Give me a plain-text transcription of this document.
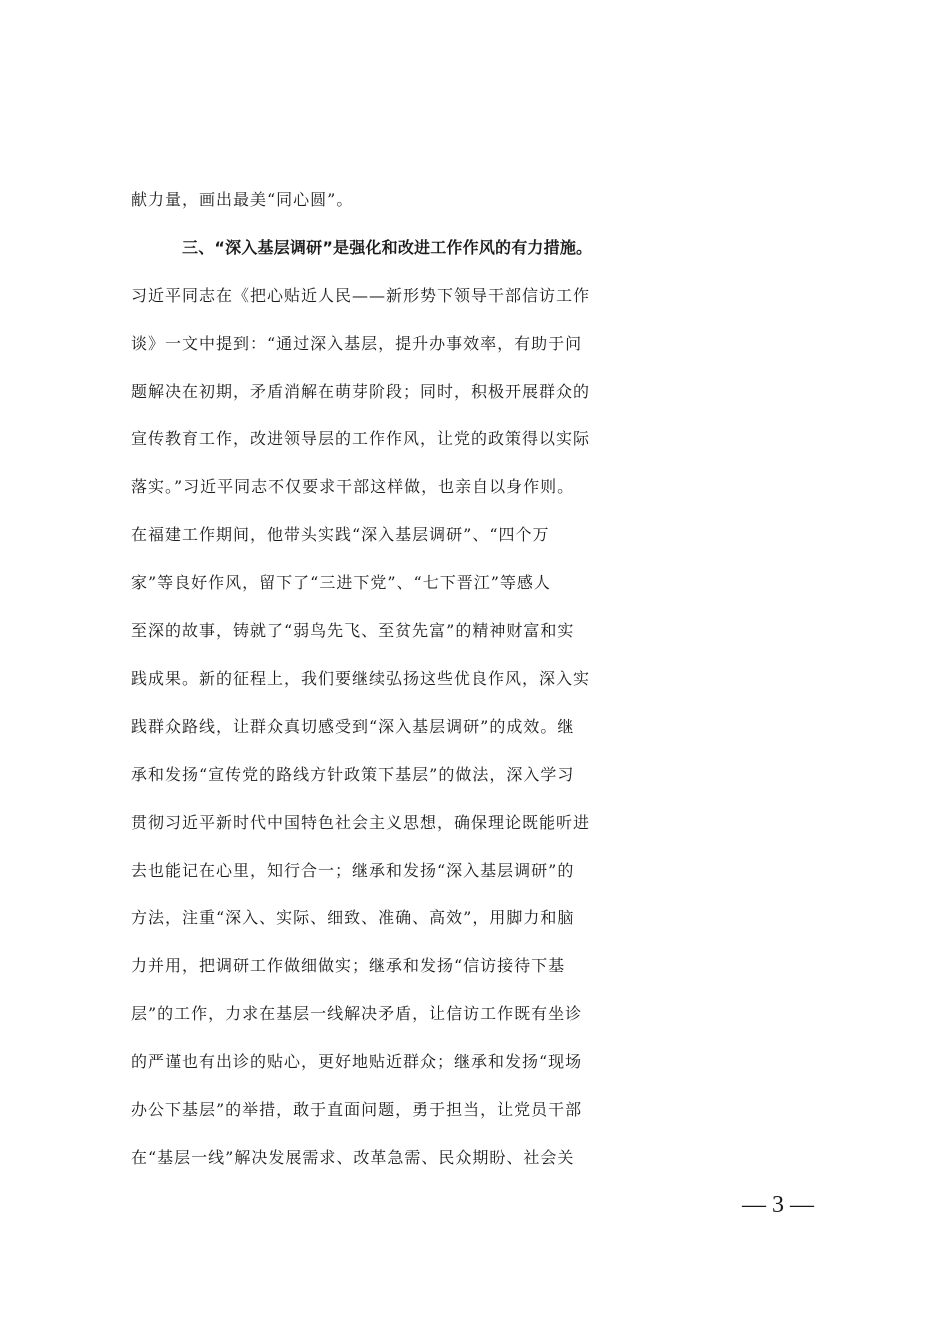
献力量，画出最美“同心圆”。
三、“深入基层调研”是强化和改进工作作风的有力措施。
习近平同志在《把心贴近人民——新形势下领导干部信访工作
谈》一文中提到：“通过深入基层，提升办事效率，有助于问
题解决在初期，矛盾消解在萌芽阶段；同时，积极开展群众的
宣传教育工作，改进领导层的工作作风，让党的政策得以实际
落实。”习近平同志不仅要求干部这样做，也亲自以身作则。
在福建工作期间，他带头实践“深入基层调研”、“四个万
家”等良好作风，留下了“三进下党”、“七下晋江”等感人
至深的故事，铸就了“弱鸟先飞、至贫先富”的精神财富和实
践成果。新的征程上，我们要继续弘扬这些优良作风，深入实
践群众路线，让群众真切感受到“深入基层调研”的成效。继
承和发扬“宣传党的路线方针政策下基层”的做法，深入学习
贯彻习近平新时代中国特色社会主义思想，确保理论既能听进
去也能记在心里，知行合一；继承和发扬“深入基层调研”的
方法，注重“深入、实际、细致、准确、高效”，用脚力和脑
力并用，把调研工作做细做实；继承和发扬“信访接待下基
层”的工作，力求在基层一线解决矛盾，让信访工作既有坐诊
的严谨也有出诊的贴心，更好地贴近群众；继承和发扬“现场
办公下基层”的举措，敢于直面问题，勇于担当，让党员干部
在“基层一线”解决发展需求、改革急需、民众期盼、社会关
— 3 —
